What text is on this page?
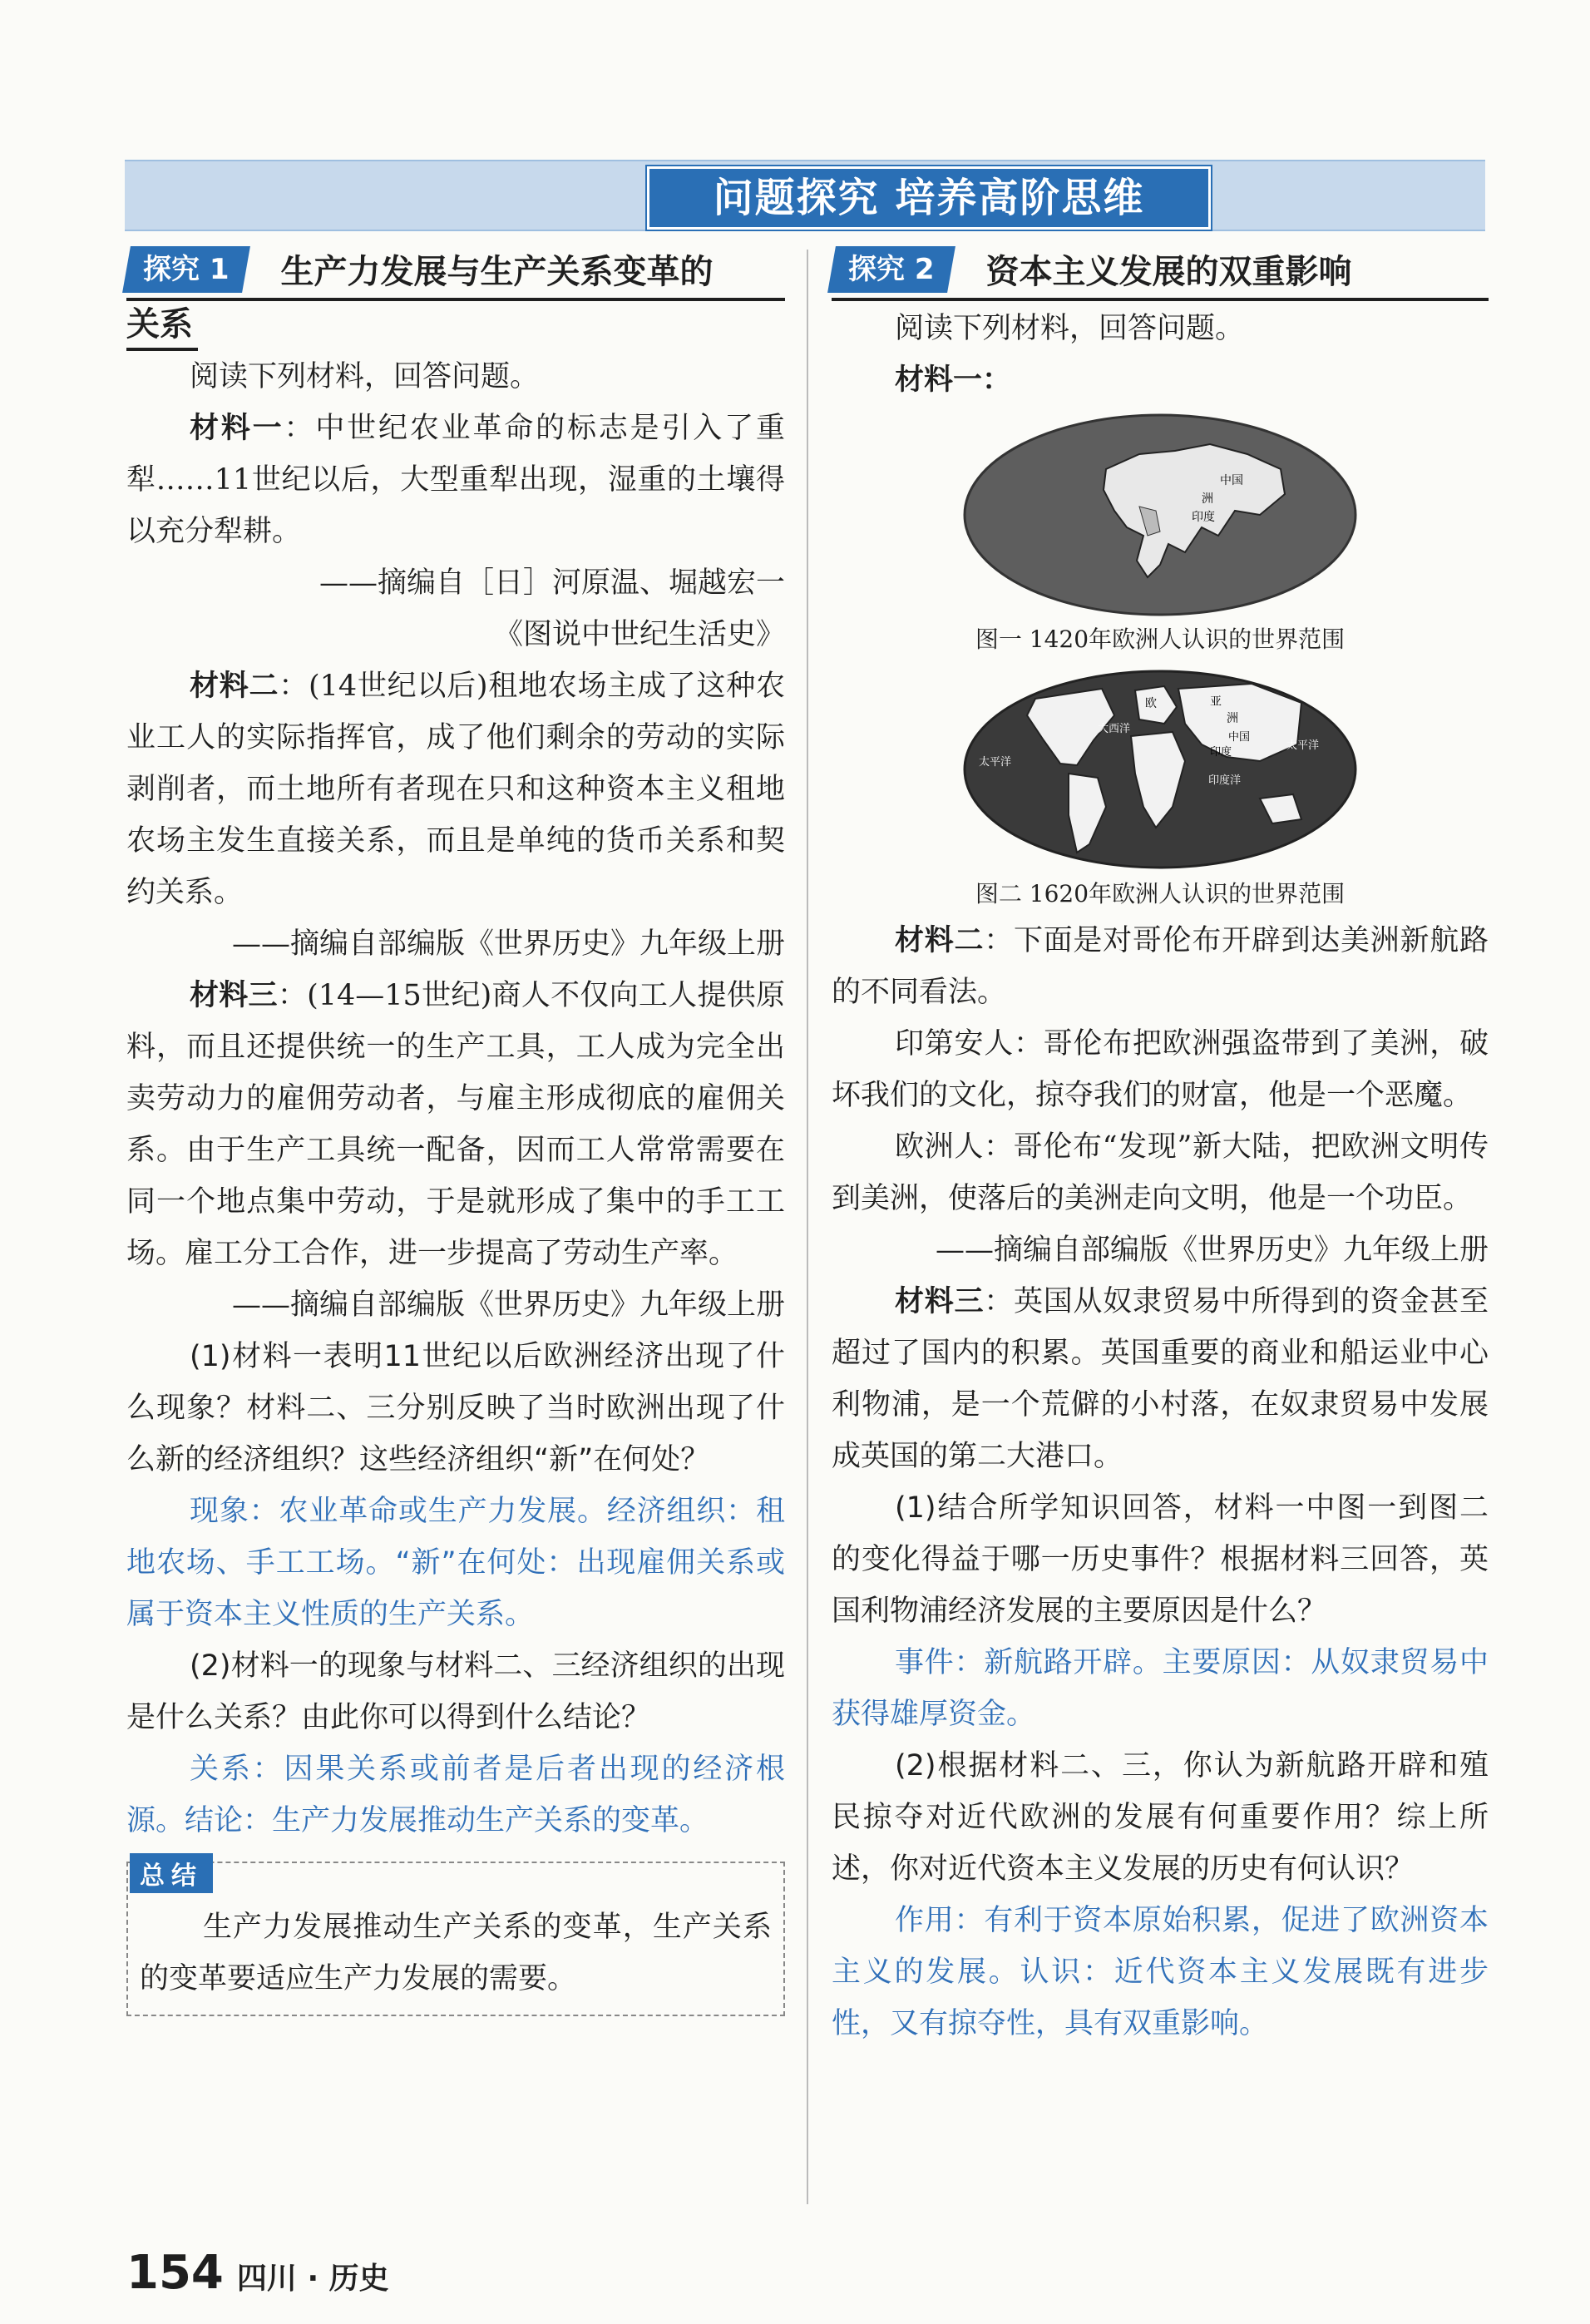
问题探究 培养高阶思维
探究 1	生产力发展与生产关系变革的
关系

阅读下列材料，回答问题。

材料一：中世纪农业革命的标志是引入了重犁……11世纪以后，大型重犁出现，湿重的土壤得以充分犁耕。

——摘编自［日］河原温、堀越宏一

《图说中世纪生活史》

材料二：(14世纪以后)租地农场主成了这种农业工人的实际指挥官，成了他们剩余的劳动的实际剥削者，而土地所有者现在只和这种资本主义租地农场主发生直接关系，而且是单纯的货币关系和契约关系。

——摘编自部编版《世界历史》九年级上册

材料三：(14—15世纪)商人不仅向工人提供原料，而且还提供统一的生产工具，工人成为完全出卖劳动力的雇佣劳动者，与雇主形成彻底的雇佣关系。由于生产工具统一配备，因而工人常常需要在同一个地点集中劳动，于是就形成了集中的手工工场。雇工分工合作，进一步提高了劳动生产率。

——摘编自部编版《世界历史》九年级上册

(1)材料一表明11世纪以后欧洲经济出现了什么现象？材料二、三分别反映了当时欧洲出现了什么新的经济组织？这些经济组织“新”在何处？

现象：农业革命或生产力发展。经济组织：租地农场、手工工场。“新”在何处：出现雇佣关系或属于资本主义性质的生产关系。

(2)材料一的现象与材料二、三经济组织的出现是什么关系？由此你可以得到什么结论？

关系：因果关系或前者是后者出现的经济根源。结论：生产力发展推动生产关系的变革。

总结

生产力发展推动生产关系的变革，生产关系的变革要适应生产力发展的需要。

探究 2	资本主义发展的双重影响

阅读下列材料，回答问题。

材料一：

中国
洲
印度

图一 1420年欧洲人认识的世界范围

欧	亚
洲
大西洋
中国
印度
太平洋
印度洋
太平洋

图二 1620年欧洲人认识的世界范围

材料二：下面是对哥伦布开辟到达美洲新航路的不同看法。

印第安人：哥伦布把欧洲强盗带到了美洲，破坏我们的文化，掠夺我们的财富，他是一个恶魔。

欧洲人：哥伦布“发现”新大陆，把欧洲文明传到美洲，使落后的美洲走向文明，他是一个功臣。

——摘编自部编版《世界历史》九年级上册

材料三：英国从奴隶贸易中所得到的资金甚至超过了国内的积累。英国重要的商业和船运业中心利物浦，是一个荒僻的小村落，在奴隶贸易中发展成英国的第二大港口。

(1)结合所学知识回答，材料一中图一到图二的变化得益于哪一历史事件？根据材料三回答，英国利物浦经济发展的主要原因是什么？

事件：新航路开辟。主要原因：从奴隶贸易中获得雄厚资金。

(2)根据材料二、三，你认为新航路开辟和殖民掠夺对近代欧洲的发展有何重要作用？综上所述，你对近代资本主义发展的历史有何认识？

作用：有利于资本原始积累，促进了欧洲资本主义的发展。认识：近代资本主义发展既有进步性，又有掠夺性，具有双重影响。

154 四川 · 历史
